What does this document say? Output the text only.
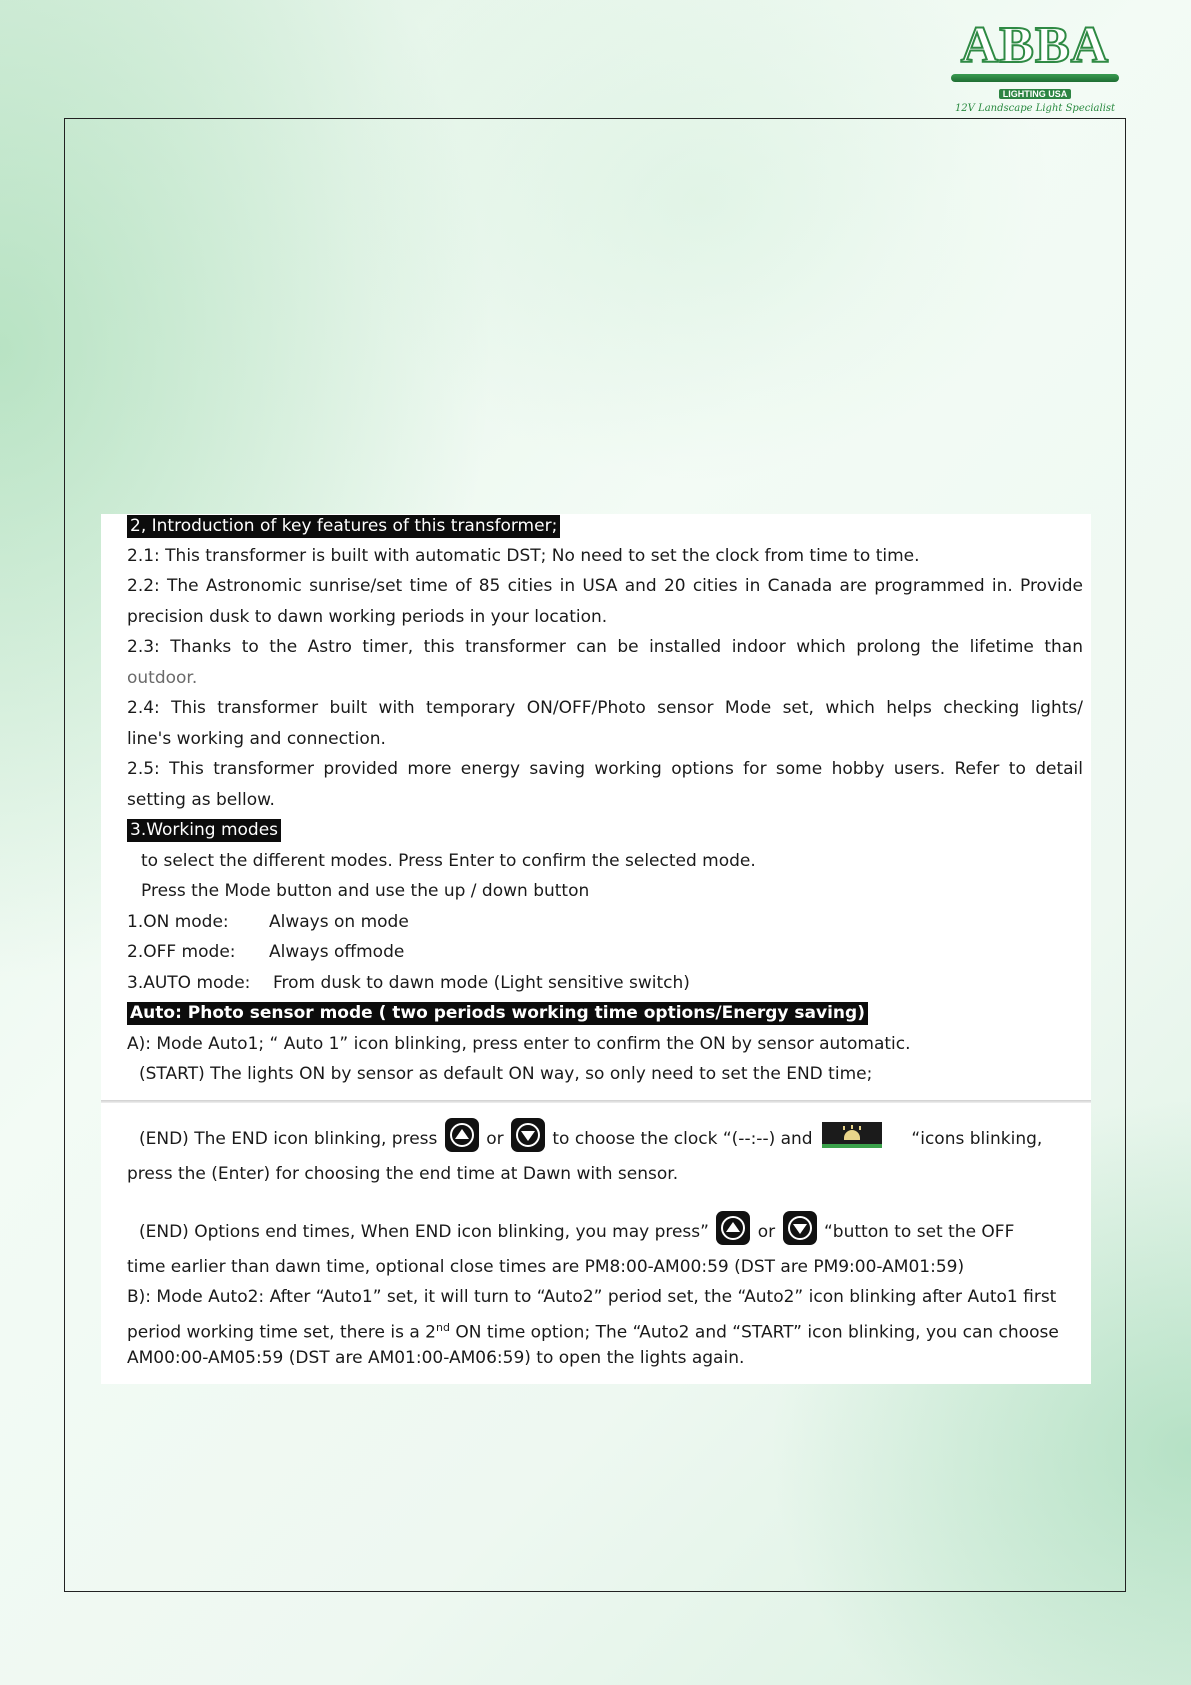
ABBA
LIGHTING USA
12V Landscape Light Specialist
2, Introduction of key features of this transformer;
2.1: This transformer is built with automatic DST; No need to set the clock from time to time.
2.2: The Astronomic sunrise/set time of 85 cities in USA and 20 cities in Canada are programmed in. Provide
precision dusk to dawn working periods in your location.
2.3: Thanks to the Astro timer, this transformer can be installed indoor which prolong the lifetime than
outdoor.
2.4: This transformer built with temporary ON/OFF/Photo sensor Mode set, which helps checking lights/
line's working and connection.
2.5: This transformer provided more energy saving working options for some hobby users. Refer to detail
setting as bellow.
3.Working modes
to select the different modes. Press Enter to confirm the selected mode.
Press the Mode button and use the up / down button
1.ON mode: Always on mode
2.OFF mode: Always offmode
3.AUTO mode: From dusk to dawn mode (Light sensitive switch)
Auto: Photo sensor mode ( two periods working time options/Energy saving)
A): Mode Auto1; “ Auto 1” icon blinking, press enter to confirm the ON by sensor automatic.
(START) The lights ON by sensor as default ON way, so only need to set the END time;
(END) The END icon blinking, press	or	to choose the clock “(--:--) and	“icons blinking,
press the (Enter) for choosing the end time at Dawn with sensor.
(END) Options end times, When END icon blinking, you may press”	or	“button to set the OFF
time earlier than dawn time, optional close times are PM8:00-AM00:59 (DST are PM9:00-AM01:59)
B): Mode Auto2: After “Auto1” set, it will turn to “Auto2” period set, the “Auto2” icon blinking after Auto1 first
period working time set, there is a 2nd ON time option; The “Auto2 and “START” icon blinking, you can choose
AM00:00-AM05:59 (DST are AM01:00-AM06:59) to open the lights again.
